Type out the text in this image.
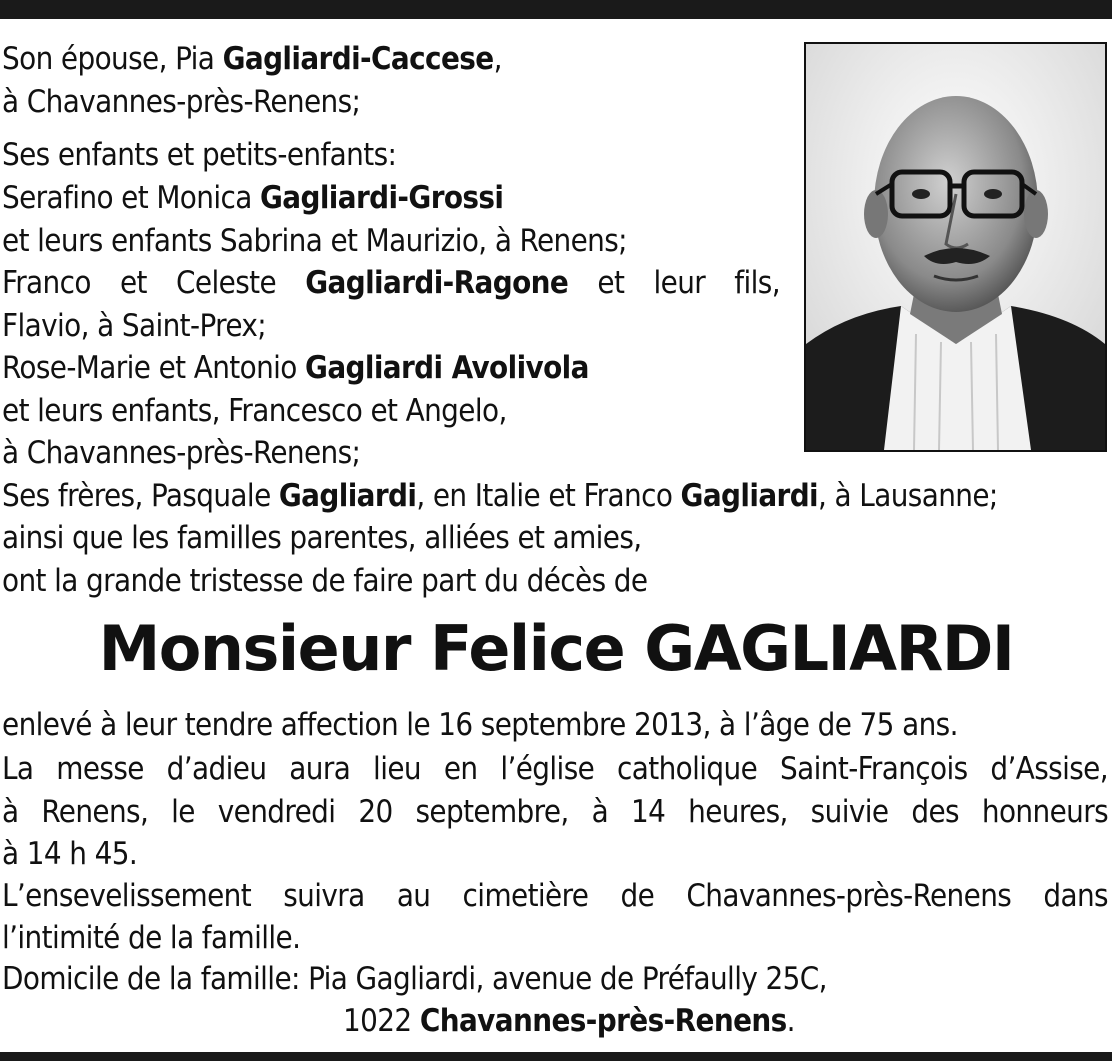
Son épouse, Pia Gagliardi-Caccese,
à Chavannes-près-Renens;
Ses enfants et petits-enfants:
Serafino et Monica Gagliardi-Grossi
et leurs enfants Sabrina et Maurizio, à Renens;
Franco et Celeste Gagliardi-Ragone et leur fils,
Flavio, à Saint-Prex;
Rose-Marie et Antonio Gagliardi Avolivola
et leurs enfants, Francesco et Angelo,
à Chavannes-près-Renens;
Ses frères, Pasquale Gagliardi, en Italie et Franco Gagliardi, à Lausanne;
ainsi que les familles parentes, alliées et amies,
ont la grande tristesse de faire part du décès de
Monsieur Felice GAGLIARDI
enlevé à leur tendre affection le 16 septembre 2013, à l’âge de 75 ans.
La messe d’adieu aura lieu en l’église catholique Saint-François d’Assise,
à Renens, le vendredi 20 septembre, à 14 heures, suivie des honneurs
à 14 h 45.
L’ensevelissement suivra au cimetière de Chavannes-près-Renens dans
l’intimité de la famille.
Domicile de la famille: Pia Gagliardi, avenue de Préfaully 25C,
1022 Chavannes-près-Renens.
